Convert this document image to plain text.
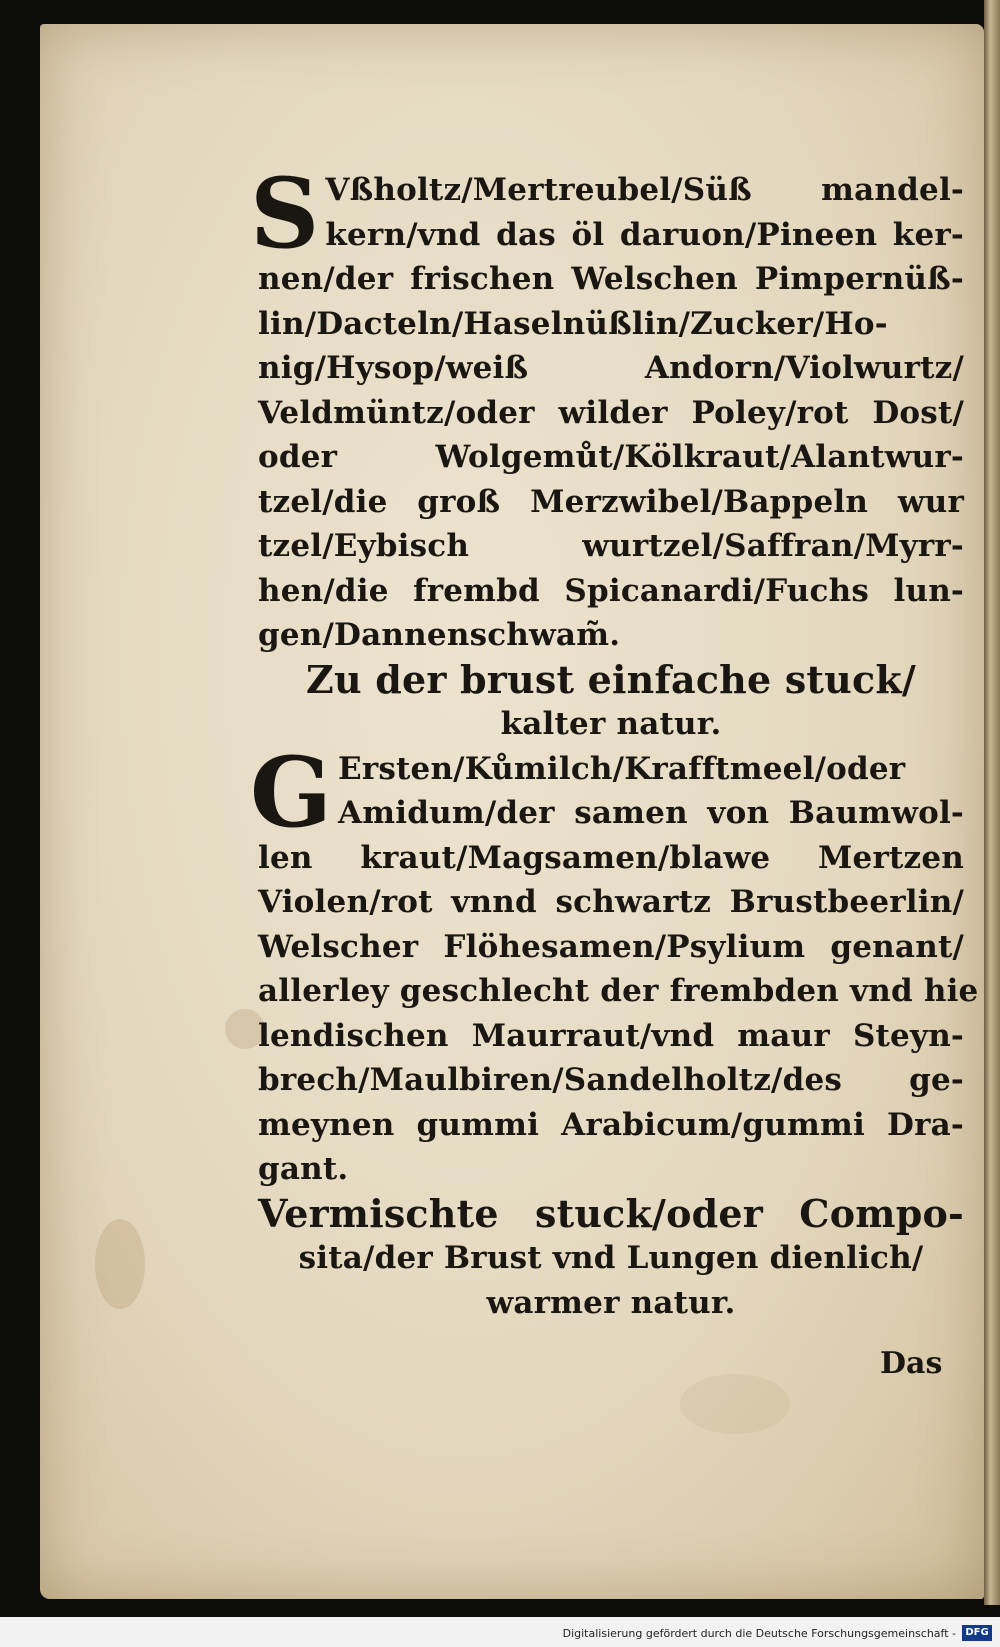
S Vßholtz/Mertreubel/Süß mandel-
kern/vnd das öl daruon/Pineen ker-
nen/der frischen Welschen Pimpernüß-
lin/Dacteln/Haselnüßlin/Zucker/Ho-
nig/Hysop/weiß Andorn/Violwurtz/
Veldmüntz/oder wilder Poley/rot Dost/
oder Wolgemůt/Kölkraut/Alantwur-
tzel/die groß Merzwibel/Bappeln wur
tzel/Eybisch wurtzel/Saffran/Myrr-
hen/die frembd Spicanardi/Fuchs lun-
gen/Dannenschwam̃.
Zu der brust einfache stuck/
kalter natur.
G Ersten/Kůmilch/Krafftmeel/oder
Amidum/der samen von Baumwol-
len kraut/Magsamen/blawe Mertzen
Violen/rot vnnd schwartz Brustbeerlin/
Welscher Flöhesamen/Psylium genant/
allerley geschlecht der frembden vnd hie
lendischen Maurraut/vnd maur Steyn-
brech/Maulbiren/Sandelholtz/des ge-
meynen gummi Arabicum/gummi Dra-
gant.
Vermischte stuck/oder Compo-
sita/der Brust vnd Lungen dienlich/
warmer natur.
Das
Digitalisierung gefördert durch die Deutsche Forschungsgemeinschaft - DFG
